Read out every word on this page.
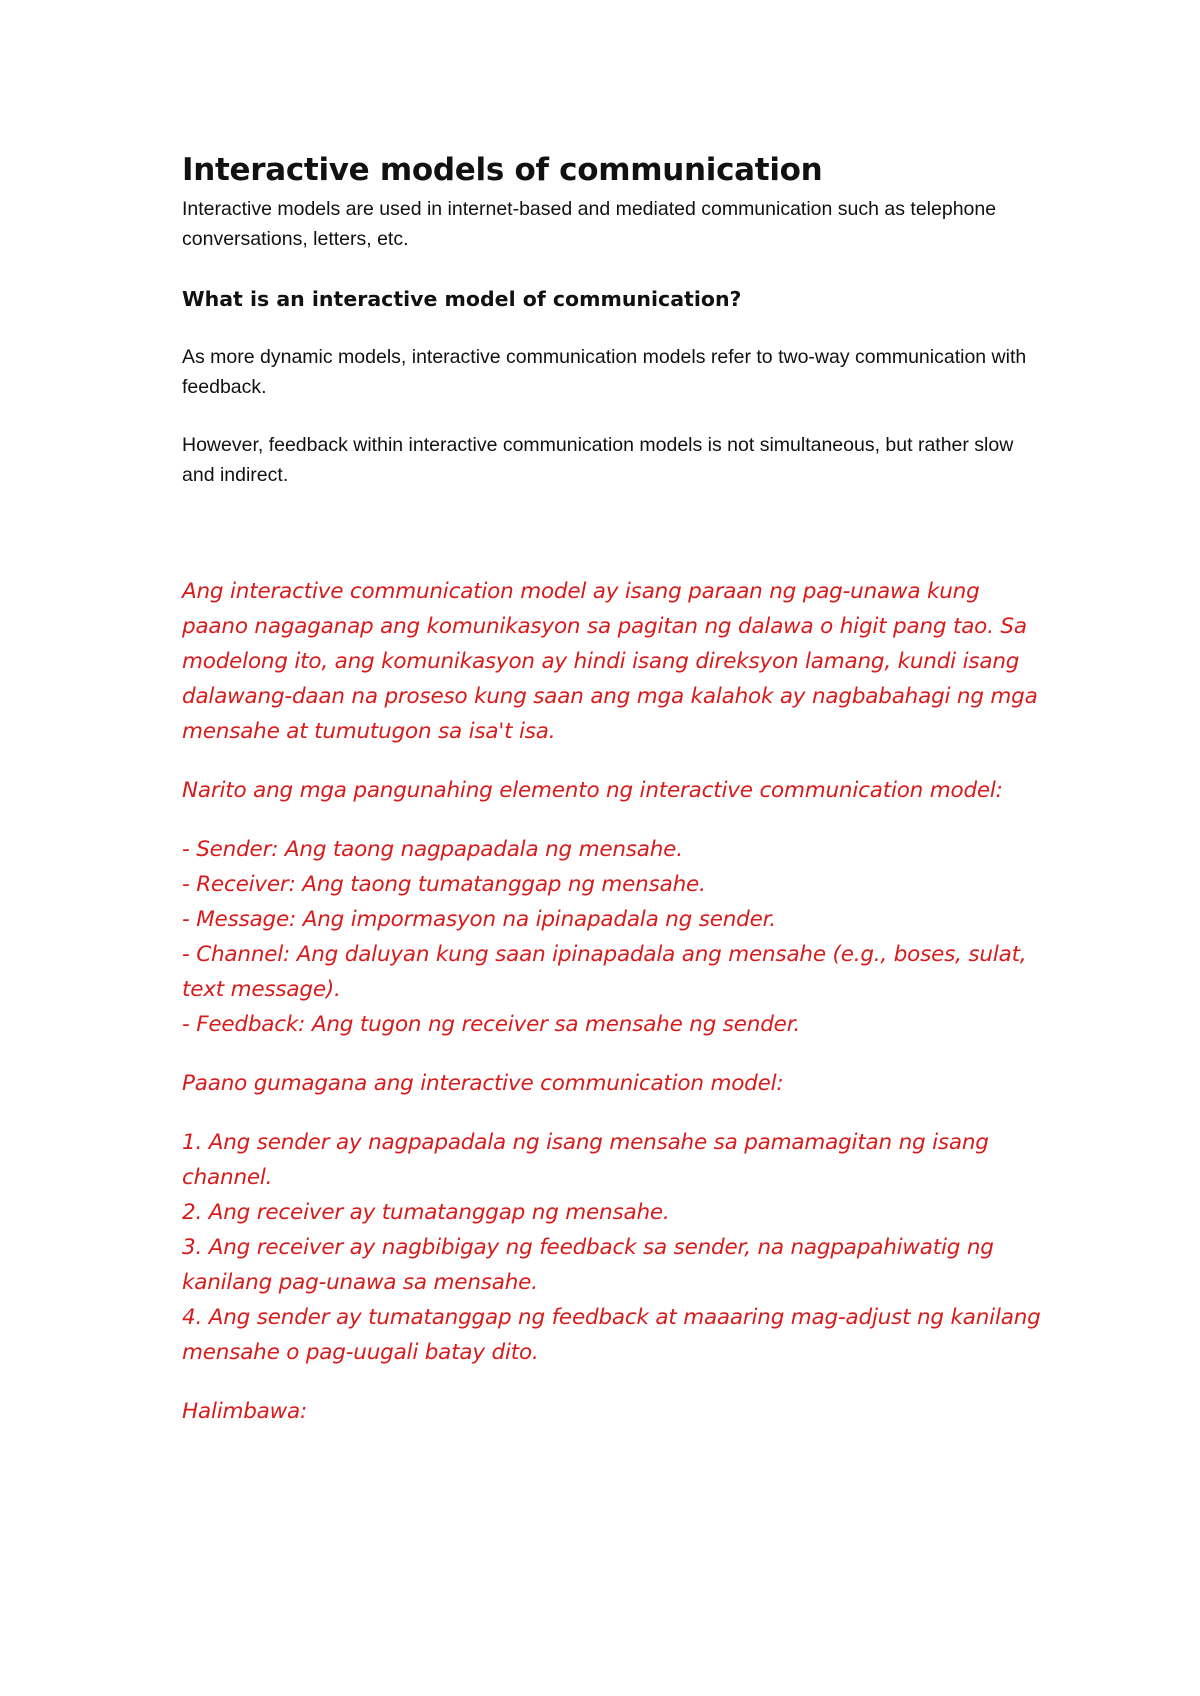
Interactive models of communication

Interactive models are used in internet-based and mediated communication such as telephone conversations, letters, etc.

What is an interactive model of communication?

As more dynamic models, interactive communication models refer to two-way communication with feedback.

However, feedback within interactive communication models is not simultaneous, but rather slow and indirect.

Ang interactive communication model ay isang paraan ng pag-unawa kung paano nagaganap ang komunikasyon sa pagitan ng dalawa o higit pang tao. Sa modelong ito, ang komunikasyon ay hindi isang direksyon lamang, kundi isang dalawang-daan na proseso kung saan ang mga kalahok ay nagbabahagi ng mga mensahe at tumutugon sa isa't isa.

Narito ang mga pangunahing elemento ng interactive communication model:

- Sender: Ang taong nagpapadala ng mensahe.
- Receiver: Ang taong tumatanggap ng mensahe.
- Message: Ang impormasyon na ipinapadala ng sender.
- Channel: Ang daluyan kung saan ipinapadala ang mensahe (e.g., boses, sulat, text message).
- Feedback: Ang tugon ng receiver sa mensahe ng sender.

Paano gumagana ang interactive communication model:

1. Ang sender ay nagpapadala ng isang mensahe sa pamamagitan ng isang channel.
2. Ang receiver ay tumatanggap ng mensahe.
3. Ang receiver ay nagbibigay ng feedback sa sender, na nagpapahiwatig ng kanilang pag-unawa sa mensahe.
4. Ang sender ay tumatanggap ng feedback at maaaring mag-adjust ng kanilang mensahe o pag-uugali batay dito.

Halimbawa:
